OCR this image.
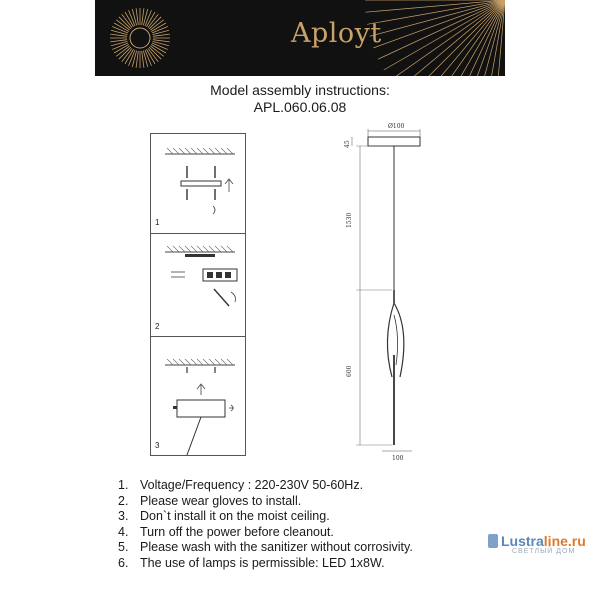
Aployt
Model assembly instructions:
APL.060.06.08
1
2
3
Ø100
45
1530
600
100
1. Voltage/Frequency : 220-230V 50-60Hz.
2. Please wear gloves to install.
3. Don`t install it on the moist ceiling.
4. Turn off the power before cleanout.
5. Please wash with the sanitizer without corrosivity.
6. The use of lamps is permissible: LED 1x8W.
Lustraline.ru
СВЕТЛЫЙ ДОМ
